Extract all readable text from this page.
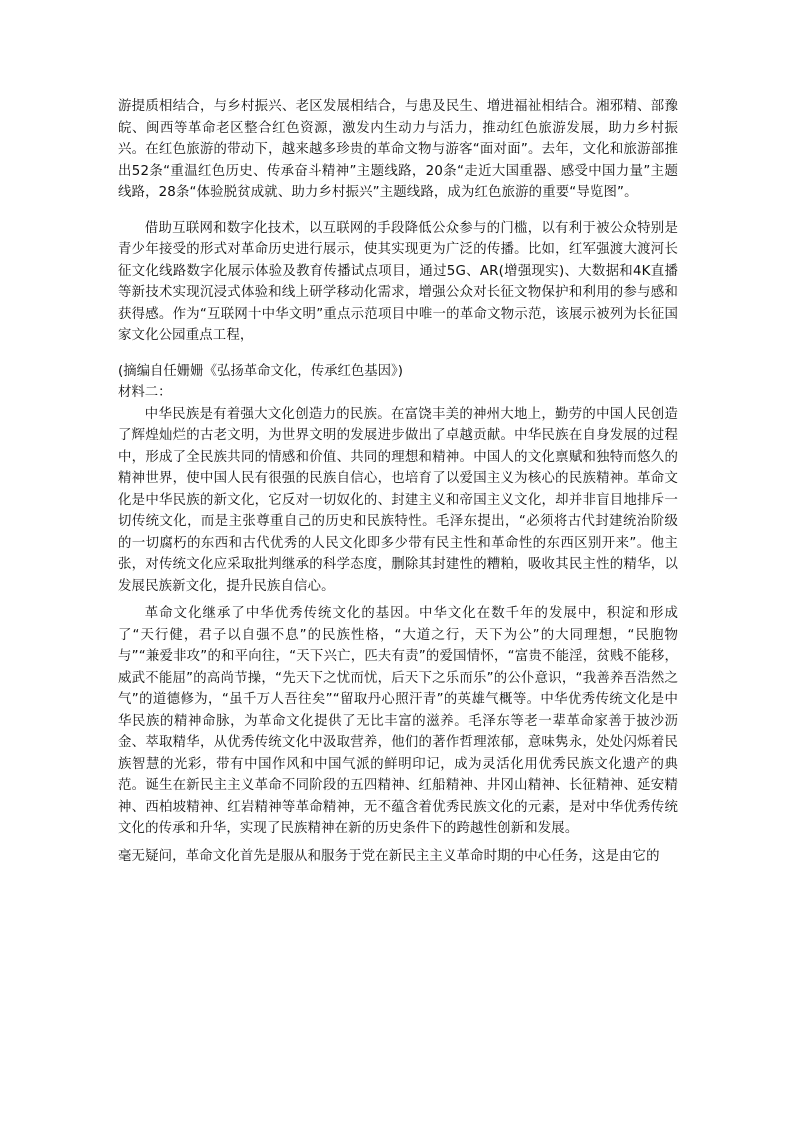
游提质相结合，与乡村振兴、老区发展相结合，与患及民生、增进福祉相结合。湘邪精、部豫皖、闽西等革命老区整合红色资源，激发内生动力与活力，推动红色旅游发展，助力乡村振兴。在红色旅游的带动下，越来越多珍贵的革命文物与游客“面对面”。去年，文化和旅游部推出52条“重温红色历史、传承奋斗精神”主题线路，20条“走近大国重器、感受中国力量”主题线路，28条“体验脱贫成就、助力乡村振兴”主题线路，成为红色旅游的重要“导览图”。

借助互联网和数字化技术，以互联网的手段降低公众参与的门槛，以有利于被公众特别是青少年接受的形式对革命历史进行展示，使其实现更为广泛的传播。比如，红军强渡大渡河长征文化线路数字化展示体验及教育传播试点项目，通过5G、AR(增强现实)、大数据和4K直播等新技术实现沉浸式体验和线上研学移动化需求，增强公众对长征文物保护和利用的参与感和获得感。作为“互联网十中华文明”重点示范项目中唯一的革命文物示范，该展示被列为长征国家文化公园重点工程，

(摘编自任姗姗《弘扬革命文化，传承红色基因》)

材料二：

中华民族是有着强大文化创造力的民族。在富饶丰美的神州大地上，勤劳的中国人民创造了辉煌灿烂的古老文明，为世界文明的发展进步做出了卓越贡献。中华民族在自身发展的过程中，形成了全民族共同的情感和价值、共同的理想和精神。中国人的文化禀赋和独特而悠久的精神世界，使中国人民有很强的民族自信心，也培育了以爱国主义为核心的民族精神。革命文化是中华民族的新文化，它反对一切奴化的、封建主义和帝国主义文化，却并非盲目地排斥一切传统文化，而是主张尊重自己的历史和民族特性。毛泽东提出，“必须将古代封建统治阶级的一切腐朽的东西和古代优秀的人民文化即多少带有民主性和革命性的东西区别开来”。他主张，对传统文化应采取批判继承的科学态度，删除其封建性的糟粕，吸收其民主性的精华，以发展民族新文化，提升民族自信心。

革命文化继承了中华优秀传统文化的基因。中华文化在数千年的发展中，积淀和形成了“天行健，君子以自强不息”的民族性格，“大道之行，天下为公”的大同理想，“民胞物与”“兼爱非攻”的和平向往，“天下兴亡，匹夫有责”的爱国情怀，“富贵不能淫，贫贱不能移，威武不能屈”的高尚节操，“先天下之忧而忧，后天下之乐而乐”的公仆意识，“我善养吾浩然之气”的道德修为，“虽千万人吾往矣”“留取丹心照汗青”的英雄气概等。中华优秀传统文化是中华民族的精神命脉，为革命文化提供了无比丰富的滋养。毛泽东等老一辈革命家善于披沙沥金、萃取精华，从优秀传统文化中汲取营养，他们的著作哲理浓郁，意味隽永，处处闪烁着民族智慧的光彩，带有中国作风和中国气派的鲜明印记，成为灵活化用优秀民族文化遗产的典范。诞生在新民主主义革命不同阶段的五四精神、红船精神、井冈山精神、长征精神、延安精神、西柏坡精神、红岩精神等革命精神，无不蕴含着优秀民族文化的元素，是对中华优秀传统文化的传承和升华，实现了民族精神在新的历史条件下的跨越性创新和发展。

毫无疑问，革命文化首先是服从和服务于党在新民主主义革命时期的中心任务，这是由它的
